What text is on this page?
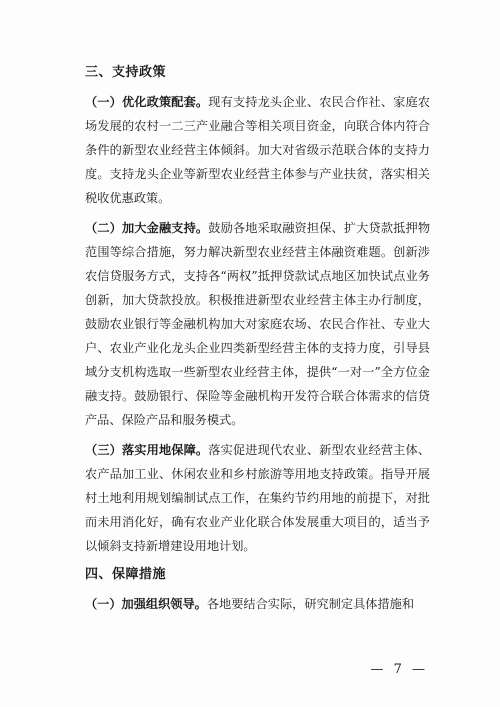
三、支持政策

（一）优化政策配套。现有支持龙头企业、农民合作社、家庭农场发展的农村一二三产业融合等相关项目资金，向联合体内符合条件的新型农业经营主体倾斜。加大对省级示范联合体的支持力度。支持龙头企业等新型农业经营主体参与产业扶贫，落实相关税收优惠政策。

（二）加大金融支持。鼓励各地采取融资担保、扩大贷款抵押物范围等综合措施，努力解决新型农业经营主体融资难题。创新涉农信贷服务方式，支持各“两权”抵押贷款试点地区加快试点业务创新，加大贷款投放。积极推进新型农业经营主体主办行制度，鼓励农业银行等金融机构加大对家庭农场、农民合作社、专业大户、农业产业化龙头企业四类新型经营主体的支持力度，引导县域分支机构选取一些新型农业经营主体，提供“一对一”全方位金融支持。鼓励银行、保险等金融机构开发符合联合体需求的信贷产品、保险产品和服务模式。

（三）落实用地保障。落实促进现代农业、新型农业经营主体、农产品加工业、休闲农业和乡村旅游等用地支持政策。指导开展村土地利用规划编制试点工作，在集约节约用地的前提下，对批而未用消化好，确有农业产业化联合体发展重大项目的，适当予以倾斜支持新增建设用地计划。

四、保障措施

（一）加强组织领导。各地要结合实际，研究制定具体措施和

— 7 —
